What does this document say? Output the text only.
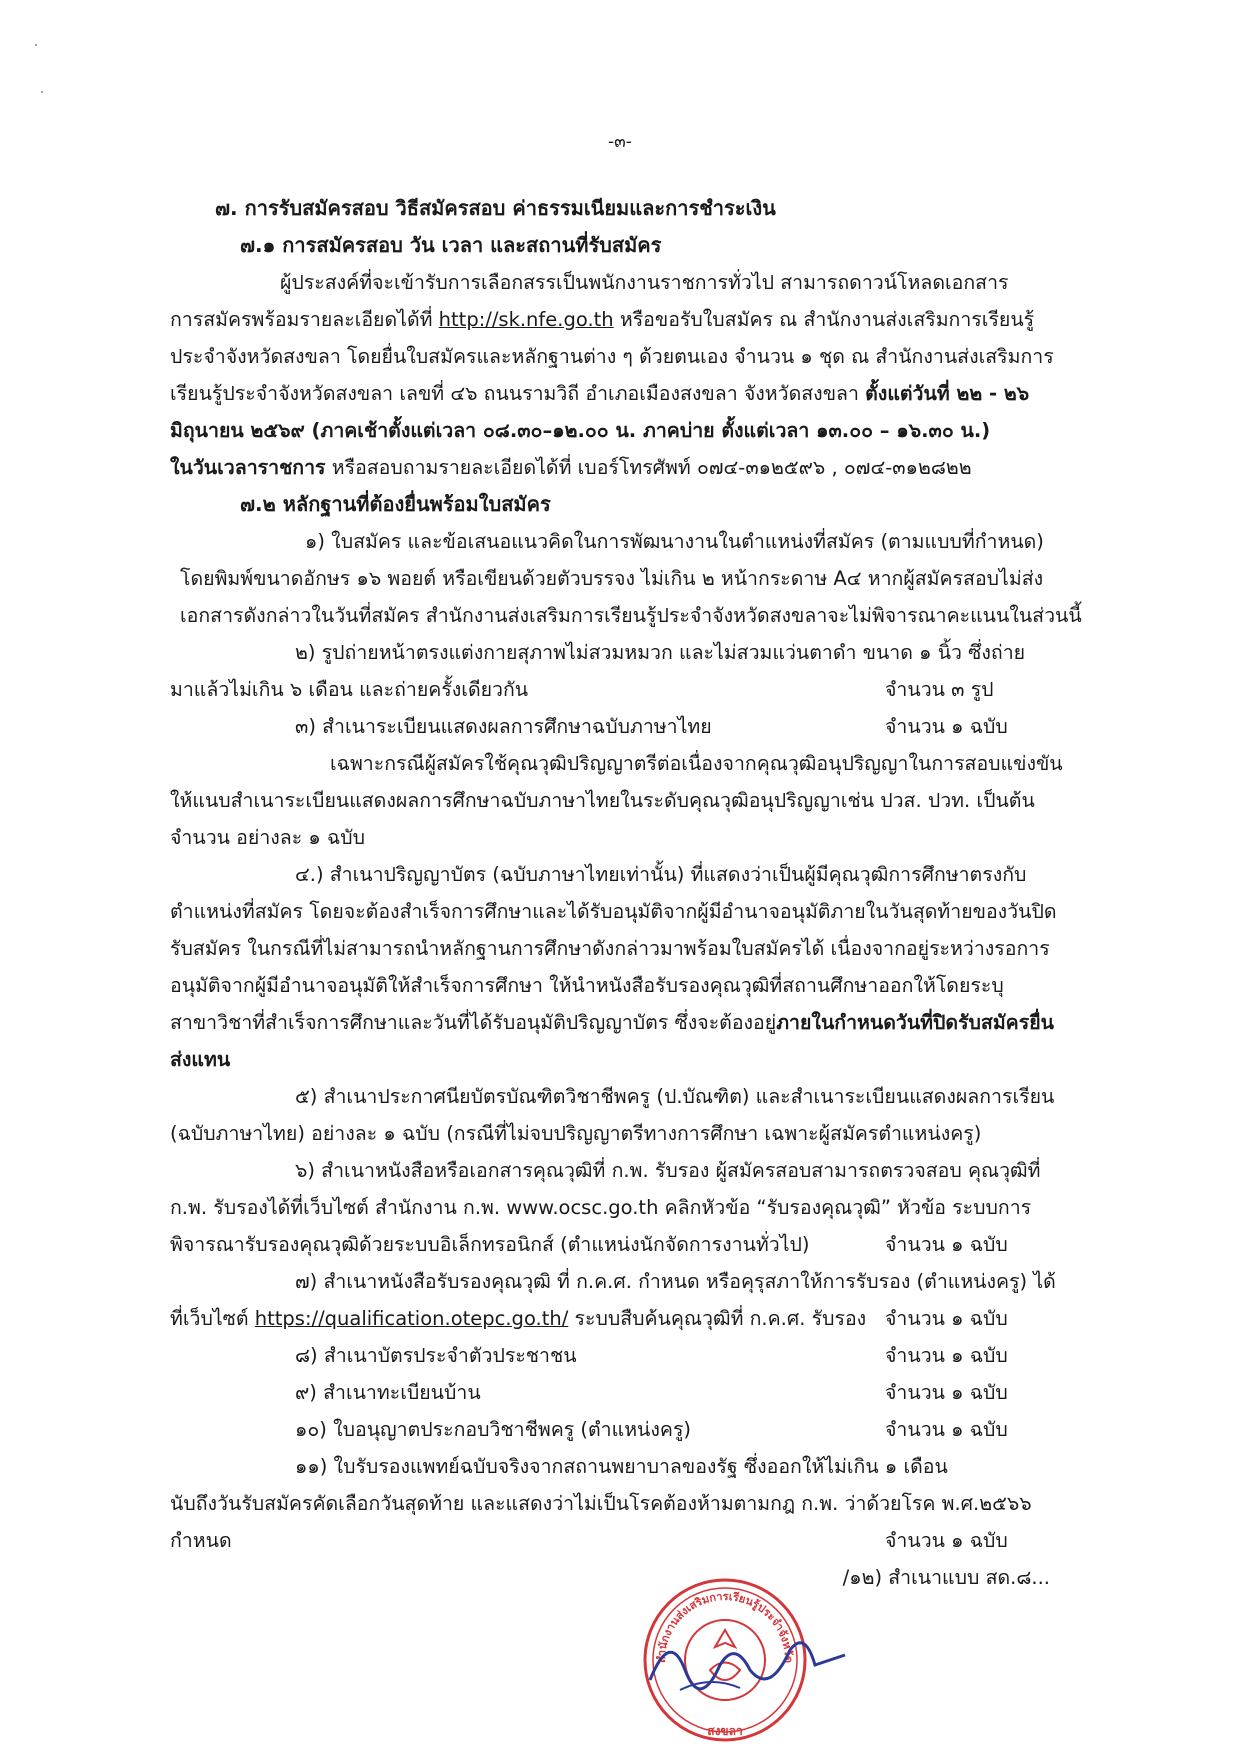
-๓-
๗. การรับสมัครสอบ วิธีสมัครสอบ ค่าธรรมเนียมและการชำระเงิน
๗.๑ การสมัครสอบ วัน เวลา และสถานที่รับสมัคร
ผู้ประสงค์ที่จะเข้ารับการเลือกสรรเป็นพนักงานราชการทั่วไป สามารถดาวน์โหลดเอกสาร
การสมัครพร้อมรายละเอียดได้ที่ http://sk.nfe.go.th หรือขอรับใบสมัคร ณ สำนักงานส่งเสริมการเรียนรู้
ประจำจังหวัดสงขลา โดยยื่นใบสมัครและหลักฐานต่าง ๆ ด้วยตนเอง จำนวน ๑ ชุด ณ สำนักงานส่งเสริมการ
เรียนรู้ประจำจังหวัดสงขลา เลขที่ ๔๖ ถนนรามวิถี อำเภอเมืองสงขลา จังหวัดสงขลา ตั้งแต่วันที่ ๒๒ - ๒๖
มิถุนายน ๒๕๖๙ (ภาคเช้าตั้งแต่เวลา ๐๘.๓๐–๑๒.๐๐ น. ภาคบ่าย ตั้งแต่เวลา ๑๓.๐๐ – ๑๖.๓๐ น.)
ในวันเวลาราชการ หรือสอบถามรายละเอียดได้ที่ เบอร์โทรศัพท์ ๐๗๔-๓๑๒๕๙๖ , ๐๗๔-๓๑๒๘๒๒
๗.๒ หลักฐานที่ต้องยื่นพร้อมใบสมัคร
๑) ใบสมัคร และข้อเสนอแนวคิดในการพัฒนางานในตำแหน่งที่สมัคร (ตามแบบที่กำหนด)
โดยพิมพ์ขนาดอักษร ๑๖ พอยต์ หรือเขียนด้วยตัวบรรจง ไม่เกิน ๒ หน้ากระดาษ A๔ หากผู้สมัครสอบไม่ส่ง
เอกสารดังกล่าวในวันที่สมัคร สำนักงานส่งเสริมการเรียนรู้ประจำจังหวัดสงขลาจะไม่พิจารณาคะแนนในส่วนนี้
๒) รูปถ่ายหน้าตรงแต่งกายสุภาพไม่สวมหมวก และไม่สวมแว่นตาดำ ขนาด ๑ นิ้ว ซึ่งถ่าย
มาแล้วไม่เกิน ๖ เดือน และถ่ายครั้งเดียวกัน	จำนวน ๓ รูป
๓) สำเนาระเบียนแสดงผลการศึกษาฉบับภาษาไทย	จำนวน ๑ ฉบับ
เฉพาะกรณีผู้สมัครใช้คุณวุฒิปริญญาตรีต่อเนื่องจากคุณวุฒิอนุปริญญาในการสอบแข่งขัน
ให้แนบสำเนาระเบียนแสดงผลการศึกษาฉบับภาษาไทยในระดับคุณวุฒิอนุปริญญาเช่น ปวส. ปวท. เป็นต้น
จำนวน อย่างละ ๑ ฉบับ
๔.) สำเนาปริญญาบัตร (ฉบับภาษาไทยเท่านั้น) ที่แสดงว่าเป็นผู้มีคุณวุฒิการศึกษาตรงกับ
ตำแหน่งที่สมัคร โดยจะต้องสำเร็จการศึกษาและได้รับอนุมัติจากผู้มีอำนาจอนุมัติภายในวันสุดท้ายของวันปิด
รับสมัคร ในกรณีที่ไม่สามารถนำหลักฐานการศึกษาดังกล่าวมาพร้อมใบสมัครได้ เนื่องจากอยู่ระหว่างรอการ
อนุมัติจากผู้มีอำนาจอนุมัติให้สำเร็จการศึกษา ให้นำหนังสือรับรองคุณวุฒิที่สถานศึกษาออกให้โดยระบุ
สาขาวิชาที่สำเร็จการศึกษาและวันที่ได้รับอนุมัติปริญญาบัตร ซึ่งจะต้องอยู่ภายในกำหนดวันที่ปิดรับสมัครยื่น
ส่งแทน
๕) สำเนาประกาศนียบัตรบัณฑิตวิชาชีพครู (ป.บัณฑิต) และสำเนาระเบียนแสดงผลการเรียน
(ฉบับภาษาไทย) อย่างละ ๑ ฉบับ (กรณีที่ไม่จบปริญญาตรีทางการศึกษา เฉพาะผู้สมัครตำแหน่งครู)
๖) สำเนาหนังสือหรือเอกสารคุณวุฒิที่ ก.พ. รับรอง ผู้สมัครสอบสามารถตรวจสอบ คุณวุฒิที่
ก.พ. รับรองได้ที่เว็บไซต์ สำนักงาน ก.พ. www.ocsc.go.th คลิกหัวข้อ “รับรองคุณวุฒิ” หัวข้อ ระบบการ
พิจารณารับรองคุณวุฒิด้วยระบบอิเล็กทรอนิกส์ (ตำแหน่งนักจัดการงานทั่วไป)	จำนวน ๑ ฉบับ
๗) สำเนาหนังสือรับรองคุณวุฒิ ที่ ก.ค.ศ. กำหนด หรือคุรุสภาให้การรับรอง (ตำแหน่งครู) ได้
ที่เว็บไซต์ https://qualification.otepc.go.th/ ระบบสืบค้นคุณวุฒิที่ ก.ค.ศ. รับรอง จำนวน ๑ ฉบับ
๘) สำเนาบัตรประจำตัวประชาชน	จำนวน ๑ ฉบับ
๙) สำเนาทะเบียนบ้าน	จำนวน ๑ ฉบับ
๑๐) ใบอนุญาตประกอบวิชาชีพครู (ตำแหน่งครู)	จำนวน ๑ ฉบับ
๑๑) ใบรับรองแพทย์ฉบับจริงจากสถานพยาบาลของรัฐ ซึ่งออกให้ไม่เกิน ๑ เดือน
นับถึงวันรับสมัครคัดเลือกวันสุดท้าย และแสดงว่าไม่เป็นโรคต้องห้ามตามกฎ ก.พ. ว่าด้วยโรค พ.ศ.๒๕๖๖
กำหนด	จำนวน ๑ ฉบับ
/๑๒) สำเนาแบบ สด.๘...
สำนักงานส่งเสริมการเรียนรู้ประจำจังหวัด
สงขลา
